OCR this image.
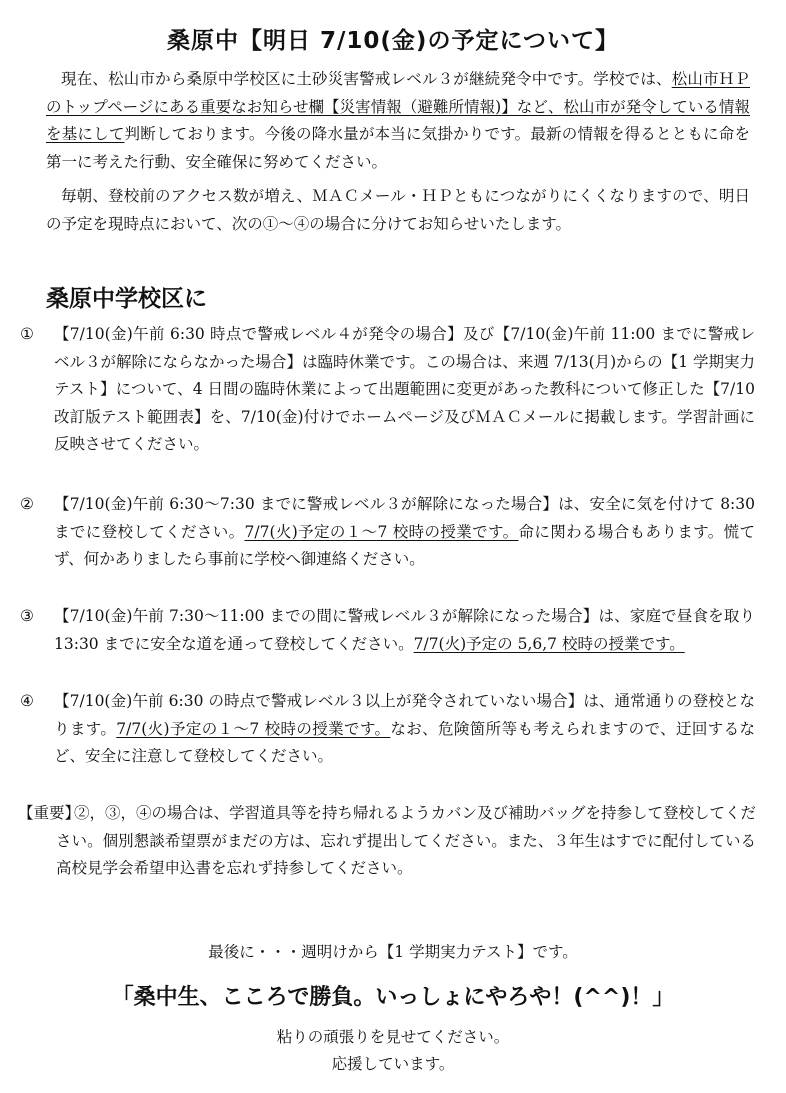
桑原中【明日 7/10(金)の予定について】
現在、松山市から桑原中学校区に土砂災害警戒レベル３が継続発令中です。学校では、松山市ＨＰのトップページにある重要なお知らせ欄【災害情報（避難所情報)】など、松山市が発令している情報を基にして判断しております。今後の降水量が本当に気掛かりです。最新の情報を得るとともに命を第一に考えた行動、安全確保に努めてください。
毎朝、登校前のアクセス数が増え、ＭＡＣメール・ＨＰともにつながりにくくなりますので、明日の予定を現時点において、次の①～④の場合に分けてお知らせいたします。
桑原中学校区に
①	【7/10(金)午前 6:30 時点で警戒レベル４が発令の場合】及び【7/10(金)午前 11:00 までに警戒レベル３が解除にならなかった場合】は臨時休業です。この場合は、来週 7/13(月)からの【1 学期実力テスト】について、4 日間の臨時休業によって出題範囲に変更があった教科について修正した【7/10 改訂版テスト範囲表】を、7/10(金)付けでホームページ及びＭＡＣメールに掲載します。学習計画に反映させてください。
②	【7/10(金)午前 6:30～7:30 までに警戒レベル３が解除になった場合】は、安全に気を付けて 8:30 までに登校してください。7/7(火)予定の１～7 校時の授業です。命に関わる場合もあります。慌てず、何かありましたら事前に学校へ御連絡ください。
③	【7/10(金)午前 7:30～11:00 までの間に警戒レベル３が解除になった場合】は、家庭で昼食を取り 13:30 までに安全な道を通って登校してください。7/7(火)予定の 5,6,7 校時の授業です。
④	【7/10(金)午前 6:30 の時点で警戒レベル３以上が発令されていない場合】は、通常通りの登校となります。7/7(火)予定の１～7 校時の授業です。なお、危険箇所等も考えられますので、迂回するなど、安全に注意して登校してください。
【重要】
②，③，④の場合は、学習道具等を持ち帰れるようカバン及び補助バッグを持参して登校してください。個別懇談希望票がまだの方は、忘れず提出してください。また、３年生はすでに配付している高校見学会希望申込書を忘れず持参してください。
最後に・・・週明けから【1 学期実力テスト】です。
「桑中生、こころで勝負。いっしょにやろや！(^^)！」
粘りの頑張りを見せてください。
応援しています。
